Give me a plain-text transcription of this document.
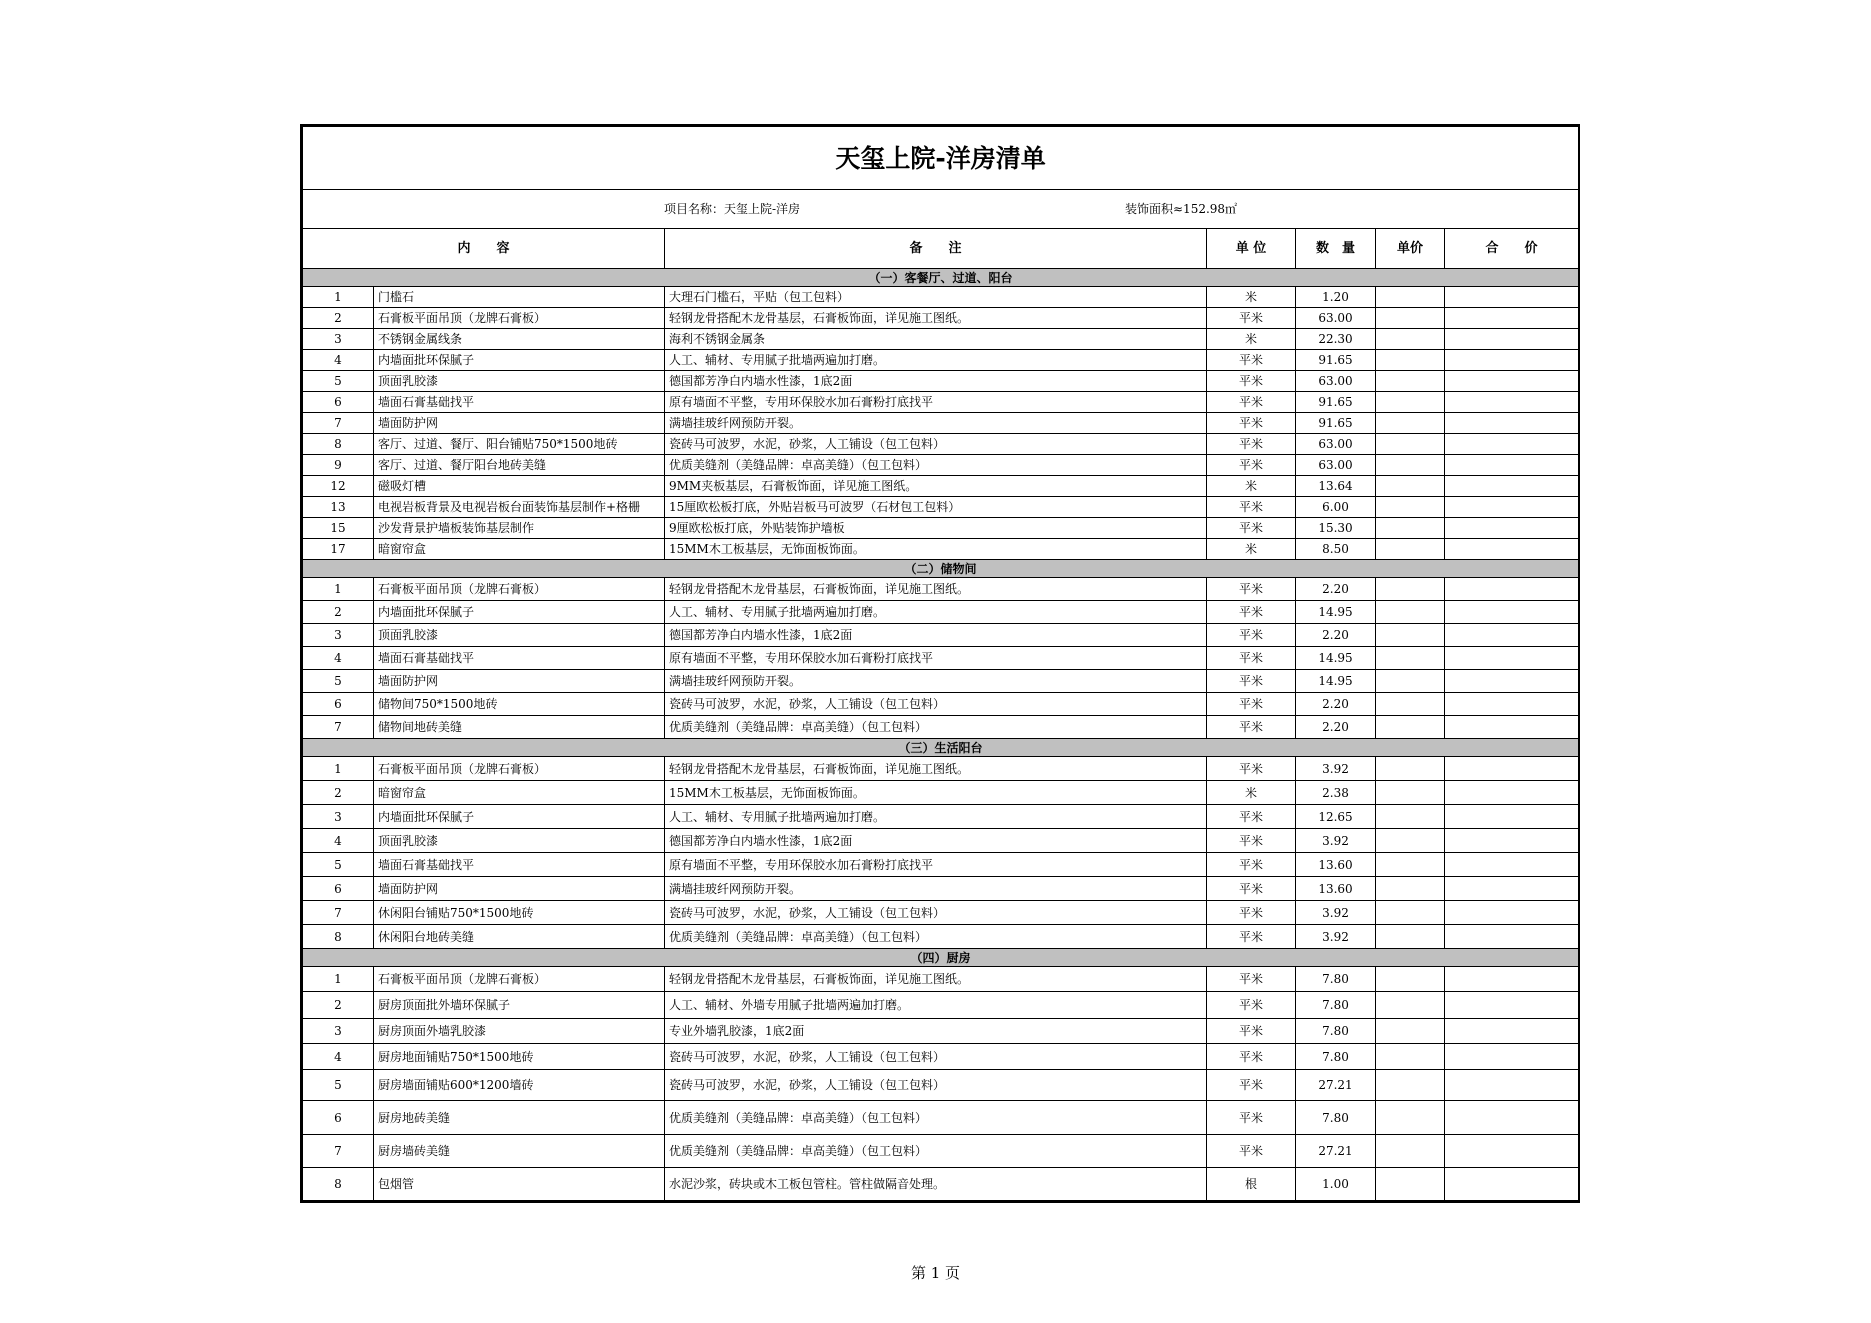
天玺上院-洋房清单						

项目名称：天玺上院-洋房 装饰面积≈152.98㎡						

内　　容		备　　注	单 位	数　量	单价	合　　价
（一）客餐厅、过道、阳台						
1	门槛石	大理石门槛石，平贴（包工包料）	米	1.20		
2	石膏板平面吊顶（龙牌石膏板）	轻钢龙骨搭配木龙骨基层，石膏板饰面，详见施工图纸。	平米	63.00		
3	不锈钢金属线条	海利不锈钢金属条	米	22.30		
4	内墙面批环保腻子	人工、辅材、专用腻子批墙两遍加打磨。	平米	91.65		
5	顶面乳胶漆	德国都芳净白内墙水性漆，1底2面	平米	63.00		
6	墙面石膏基础找平	原有墙面不平整，专用环保胶水加石膏粉打底找平	平米	91.65		
7	墙面防护网	满墙挂玻纤网预防开裂。	平米	91.65		
8	客厅、过道、餐厅、阳台铺贴750*1500地砖	瓷砖马可波罗，水泥，砂浆，人工铺设（包工包料）	平米	63.00		
9	客厅、过道、餐厅阳台地砖美缝	优质美缝剂（美缝品牌：卓高美缝）（包工包料）	平米	63.00		
12	磁吸灯槽	9MM夹板基层，石膏板饰面，详见施工图纸。	米	13.64		
13	电视岩板背景及电视岩板台面装饰基层制作+格栅	15厘欧松板打底，外贴岩板马可波罗（石材包工包料）	平米	6.00		
15	沙发背景护墙板装饰基层制作	9厘欧松板打底，外贴装饰护墙板	平米	15.30		
17	暗窗帘盒	15MM木工板基层，无饰面板饰面。	米	8.50		
（二）储物间						
1	石膏板平面吊顶（龙牌石膏板）	轻钢龙骨搭配木龙骨基层，石膏板饰面，详见施工图纸。	平米	2.20		
2	内墙面批环保腻子	人工、辅材、专用腻子批墙两遍加打磨。	平米	14.95		
3	顶面乳胶漆	德国都芳净白内墙水性漆，1底2面	平米	2.20		
4	墙面石膏基础找平	原有墙面不平整，专用环保胶水加石膏粉打底找平	平米	14.95		
5	墙面防护网	满墙挂玻纤网预防开裂。	平米	14.95		
6	储物间750*1500地砖	瓷砖马可波罗，水泥，砂浆，人工铺设（包工包料）	平米	2.20		
7	储物间地砖美缝	优质美缝剂（美缝品牌：卓高美缝）（包工包料）	平米	2.20		
（三）生活阳台						
1	石膏板平面吊顶（龙牌石膏板）	轻钢龙骨搭配木龙骨基层，石膏板饰面，详见施工图纸。	平米	3.92		
2	暗窗帘盒	15MM木工板基层，无饰面板饰面。	米	2.38		
3	内墙面批环保腻子	人工、辅材、专用腻子批墙两遍加打磨。	平米	12.65		
4	顶面乳胶漆	德国都芳净白内墙水性漆，1底2面	平米	3.92		
5	墙面石膏基础找平	原有墙面不平整，专用环保胶水加石膏粉打底找平	平米	13.60		
6	墙面防护网	满墙挂玻纤网预防开裂。	平米	13.60		
7	休闲阳台铺贴750*1500地砖	瓷砖马可波罗，水泥，砂浆，人工铺设（包工包料）	平米	3.92		
8	休闲阳台地砖美缝	优质美缝剂（美缝品牌：卓高美缝）（包工包料）	平米	3.92		
（四）厨房						
1	石膏板平面吊顶（龙牌石膏板）	轻钢龙骨搭配木龙骨基层，石膏板饰面，详见施工图纸。	平米	7.80		
2	厨房顶面批外墙环保腻子	人工、辅材、外墙专用腻子批墙两遍加打磨。	平米	7.80		
3	厨房顶面外墙乳胶漆	专业外墙乳胶漆，1底2面	平米	7.80		
4	厨房地面铺贴750*1500地砖	瓷砖马可波罗，水泥，砂浆，人工铺设（包工包料）	平米	7.80		
5	厨房墙面铺贴600*1200墙砖	瓷砖马可波罗，水泥，砂浆，人工铺设（包工包料）	平米	27.21		
6	厨房地砖美缝	优质美缝剂（美缝品牌：卓高美缝）（包工包料）	平米	7.80		
7	厨房墙砖美缝	优质美缝剂（美缝品牌：卓高美缝）（包工包料）	平米	27.21		
8	包烟管	水泥沙浆，砖块或木工板包管柱。管柱做隔音处理。	根	1.00		
第 1 页
